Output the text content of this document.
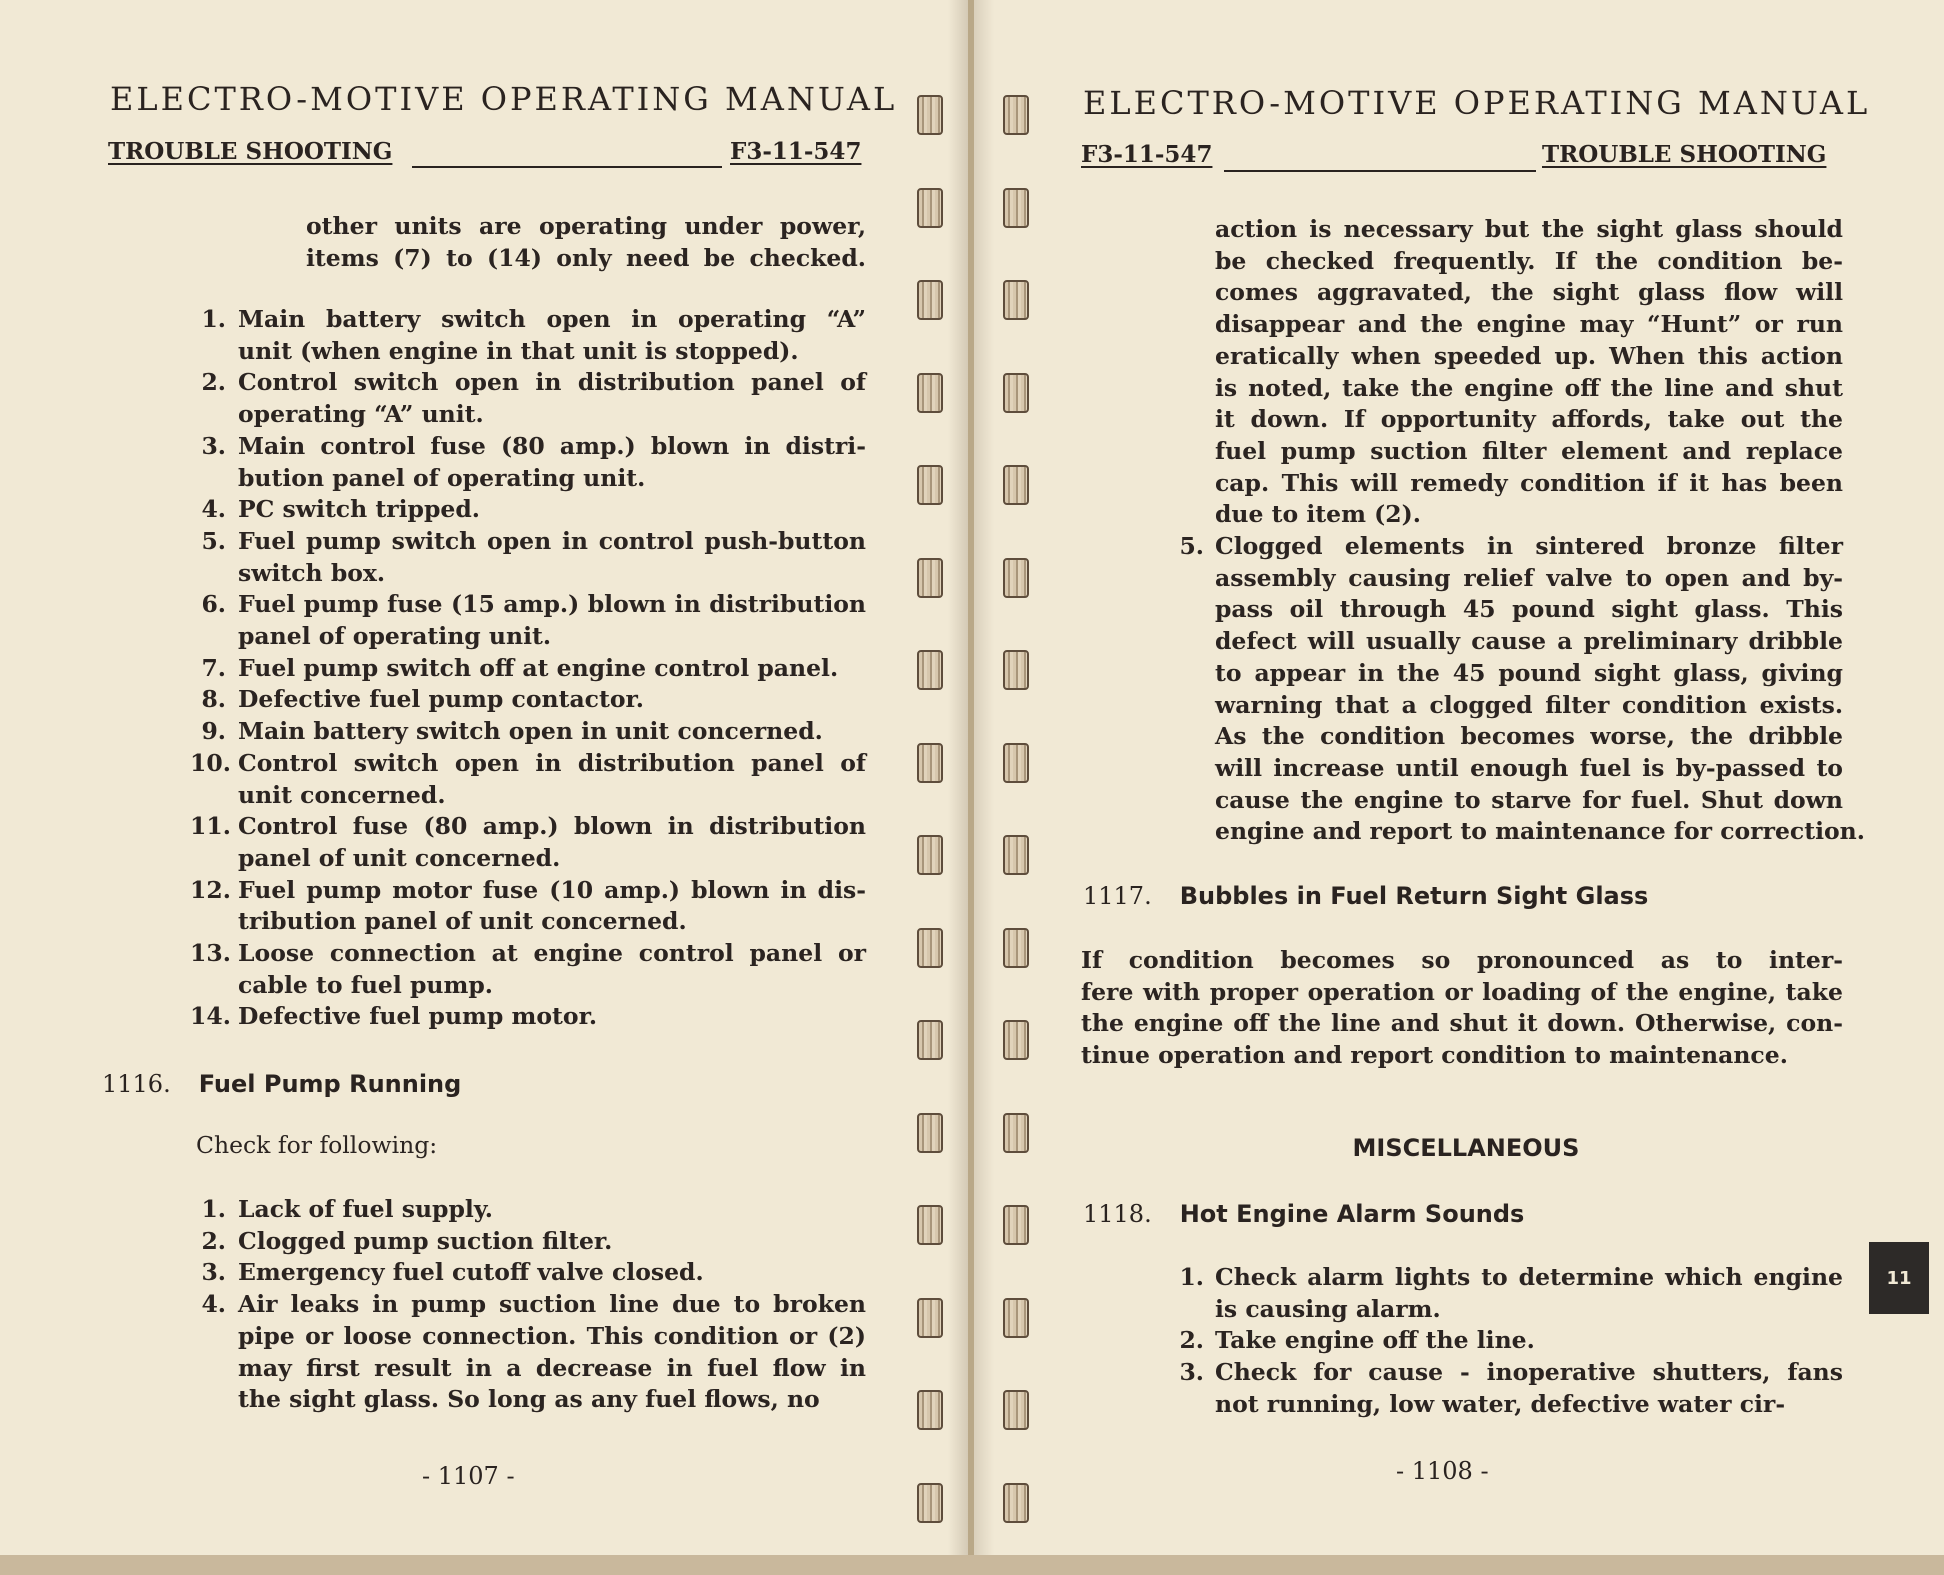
ELECTRO-MOTIVE OPERATING MANUAL
TROUBLE SHOOTING	F3-11-547
other units are operating under power,
items (7) to (14) only need be checked.
1. Main battery switch open in operating “A”
unit (when engine in that unit is stopped).
2. Control switch open in distribution panel of
operating “A” unit.
3. Main control fuse (80 amp.) blown in distri-
bution panel of operating unit.
4. PC switch tripped.
5. Fuel pump switch open in control push-button
switch box.
6. Fuel pump fuse (15 amp.) blown in distribution
panel of operating unit.
7. Fuel pump switch off at engine control panel.
8. Defective fuel pump contactor.
9. Main battery switch open in unit concerned.
10. Control switch open in distribution panel of
unit concerned.
11. Control fuse (80 amp.) blown in distribution
panel of unit concerned.
12. Fuel pump motor fuse (10 amp.) blown in dis-
tribution panel of unit concerned.
13. Loose connection at engine control panel or
cable to fuel pump.
14. Defective fuel pump motor.
1116. Fuel Pump Running
Check for following:
1. Lack of fuel supply.
2. Clogged pump suction filter.
3. Emergency fuel cutoff valve closed.
4. Air leaks in pump suction line due to broken
pipe or loose connection. This condition or (2)
may first result in a decrease in fuel flow in
the sight glass. So long as any fuel flows, no
- 1107 -
ELECTRO-MOTIVE OPERATING MANUAL
F3-11-547	TROUBLE SHOOTING
action is necessary but the sight glass should
be checked frequently. If the condition be-
comes aggravated, the sight glass flow will
disappear and the engine may “Hunt” or run
eratically when speeded up. When this action
is noted, take the engine off the line and shut
it down. If opportunity affords, take out the
fuel pump suction filter element and replace
cap. This will remedy condition if it has been
due to item (2).
5. Clogged elements in sintered bronze filter
assembly causing relief valve to open and by-
pass oil through 45 pound sight glass. This
defect will usually cause a preliminary dribble
to appear in the 45 pound sight glass, giving
warning that a clogged filter condition exists.
As the condition becomes worse, the dribble
will increase until enough fuel is by-passed to
cause the engine to starve for fuel. Shut down
engine and report to maintenance for correction.
1117. Bubbles in Fuel Return Sight Glass
If condition becomes so pronounced as to inter-
fere with proper operation or loading of the engine, take
the engine off the line and shut it down. Otherwise, con-
tinue operation and report condition to maintenance.
MISCELLANEOUS
1118. Hot Engine Alarm Sounds
1. Check alarm lights to determine which engine
is causing alarm.
2. Take engine off the line.
3. Check for cause - inoperative shutters, fans
not running, low water, defective water cir-
- 1108 -
11
